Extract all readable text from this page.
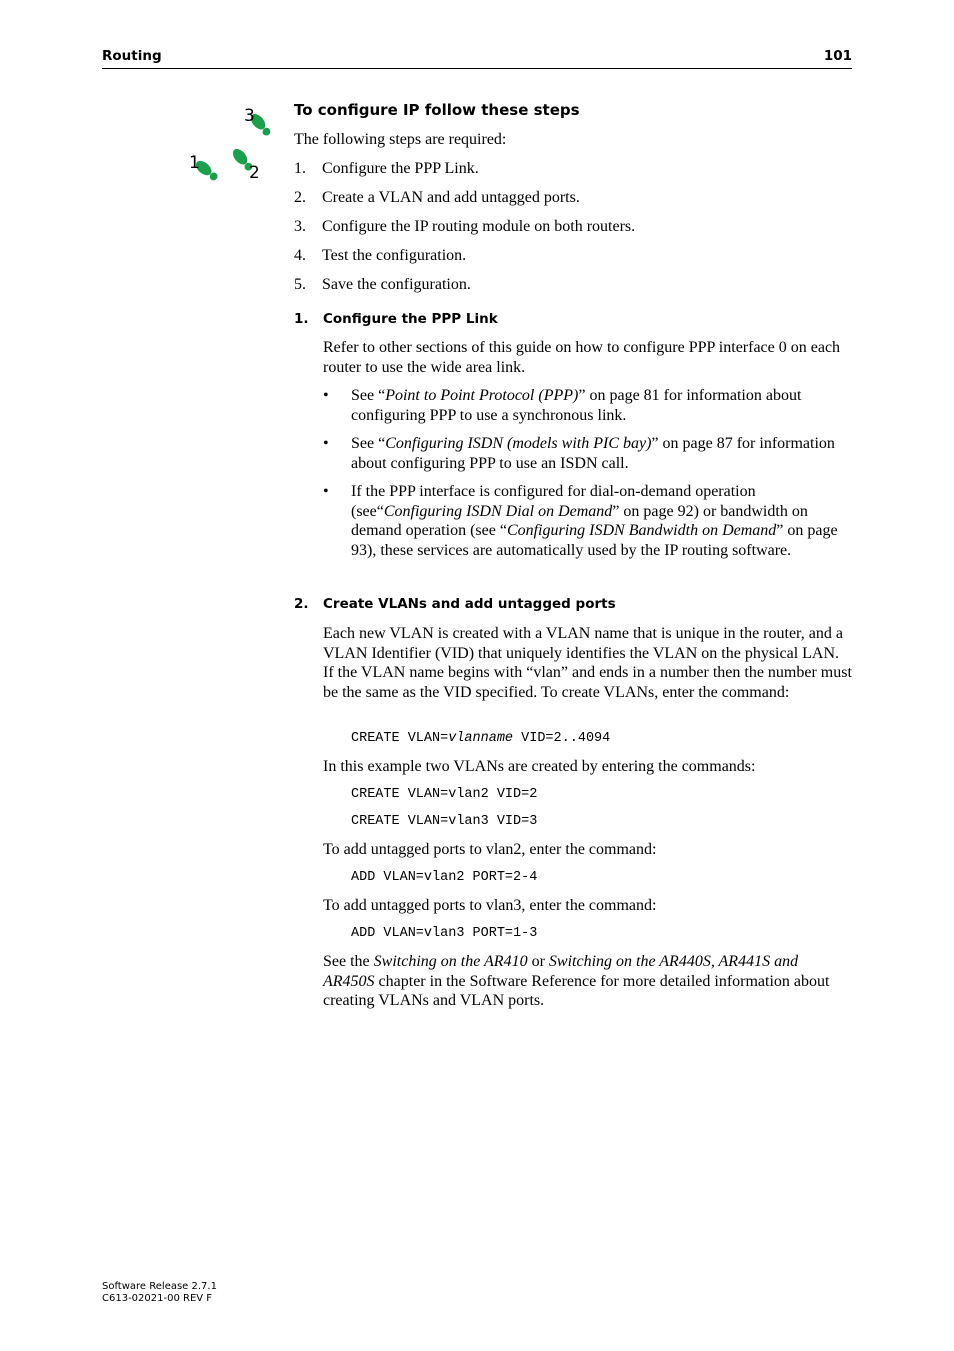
Routing	101
3
1	2
To configure IP follow these steps
The following steps are required:
1. Configure the PPP Link.
2. Create a VLAN and add untagged ports.
3. Configure the IP routing module on both routers.
4. Test the configuration.
5. Save the configuration.
1. Configure the PPP Link
Refer to other sections of this guide on how to configure PPP interface 0 on each router to use the wide area link.
• See “Point to Point Protocol (PPP)” on page 81 for information about configuring PPP to use a synchronous link.
• See “Configuring ISDN (models with PIC bay)” on page 87 for information about configuring PPP to use an ISDN call.
• If the PPP interface is configured for dial-on-demand operation (see“Configuring ISDN Dial on Demand” on page 92) or bandwidth on demand operation (see “Configuring ISDN Bandwidth on Demand” on page 93), these services are automatically used by the IP routing software.
2. Create VLANs and add untagged ports
Each new VLAN is created with a VLAN name that is unique in the router, and a VLAN Identifier (VID) that uniquely identifies the VLAN on the physical LAN. If the VLAN name begins with “vlan” and ends in a number then the number must be the same as the VID specified. To create VLANs, enter the command:
CREATE VLAN=vlanname VID=2..4094
In this example two VLANs are created by entering the commands:
CREATE VLAN=vlan2 VID=2
CREATE VLAN=vlan3 VID=3
To add untagged ports to vlan2, enter the command:
ADD VLAN=vlan2 PORT=2-4
To add untagged ports to vlan3, enter the command:
ADD VLAN=vlan3 PORT=1-3
See the Switching on the AR410 or Switching on the AR440S, AR441S and AR450S chapter in the Software Reference for more detailed information about creating VLANs and VLAN ports.
Software Release 2.7.1
C613-02021-00 REV F
